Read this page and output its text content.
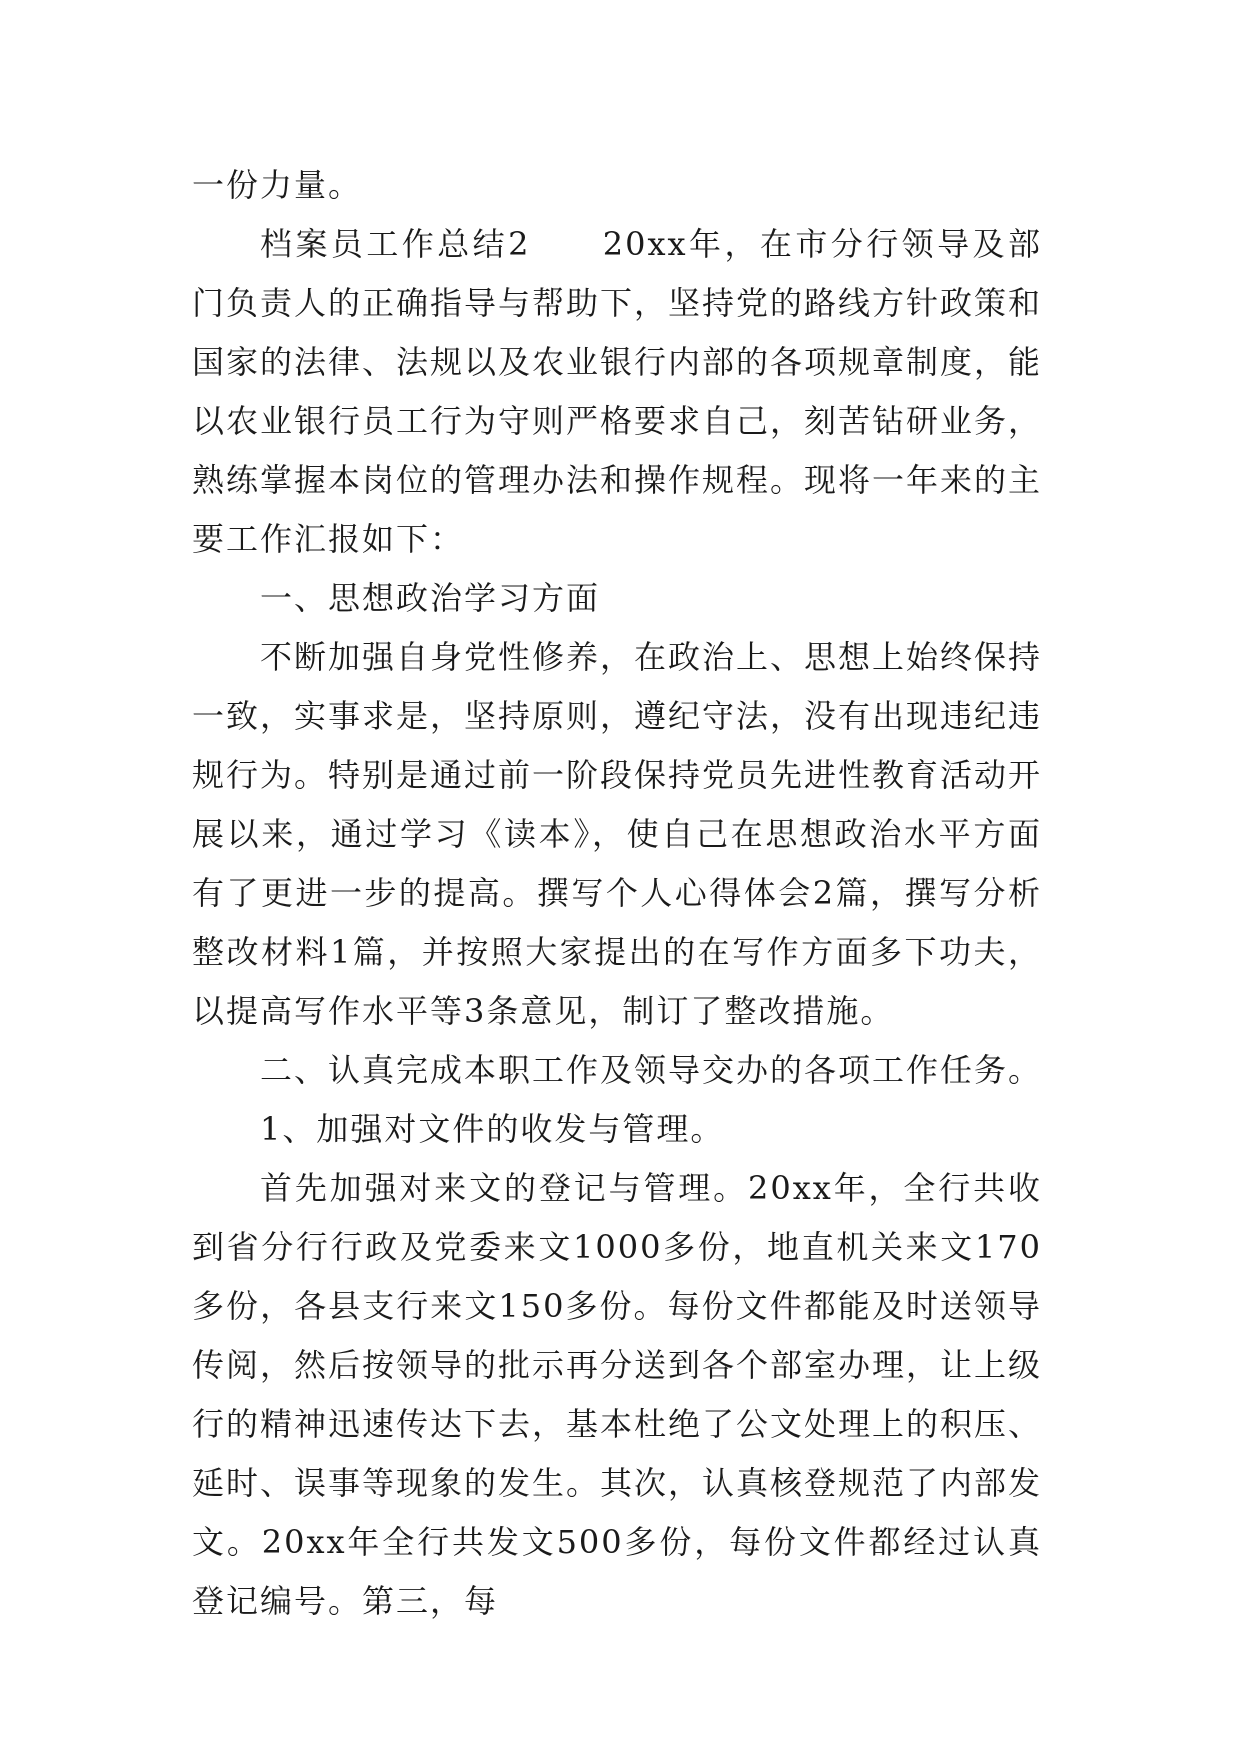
一份力量。

档案员工作总结2　　20xx年，在市分行领导及部门负责人的正确指导与帮助下，坚持党的路线方针政策和国家的法律、法规以及农业银行内部的各项规章制度，能以农业银行员工行为守则严格要求自己，刻苦钻研业务，熟练掌握本岗位的管理办法和操作规程。现将一年来的主要工作汇报如下：

一、思想政治学习方面

不断加强自身党性修养，在政治上、思想上始终保持一致，实事求是，坚持原则，遵纪守法，没有出现违纪违规行为。特别是通过前一阶段保持党员先进性教育活动开展以来，通过学习《读本》，使自己在思想政治水平方面有了更进一步的提高。撰写个人心得体会2篇，撰写分析整改材料1篇，并按照大家提出的在写作方面多下功夫，以提高写作水平等3条意见，制订了整改措施。

二、认真完成本职工作及领导交办的各项工作任务。

1、加强对文件的收发与管理。

首先加强对来文的登记与管理。20xx年，全行共收到省分行行政及党委来文1000多份，地直机关来文170多份，各县支行来文150多份。每份文件都能及时送领导传阅，然后按领导的批示再分送到各个部室办理，让上级行的精神迅速传达下去，基本杜绝了公文处理上的积压、延时、误事等现象的发生。其次，认真核登规范了内部发文。20xx年全行共发文500多份，每份文件都经过认真登记编号。第三，每
